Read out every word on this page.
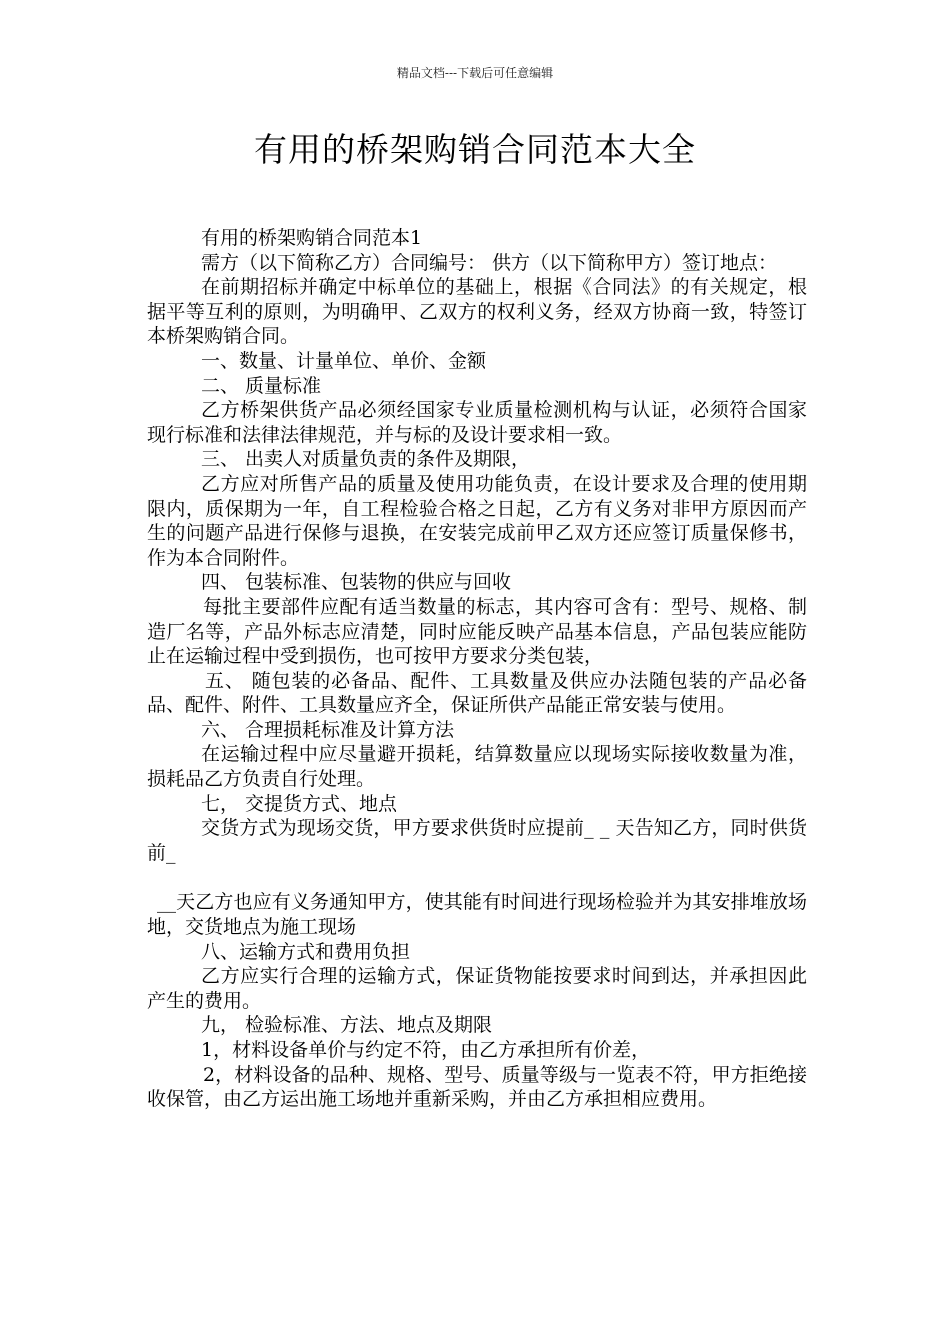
精品文档---下载后可任意编辑
有用的桥架购销合同范本大全

有用的桥架购销合同范本1

需方（以下简称乙方）合同编号： 供方（以下简称甲方）签订地点：

在前期招标并确定中标单位的基础上，根据《合同法》的有关规定，根据平等互利的原则，为明确甲、乙双方的权利义务，经双方协商一致，特签订本桥架购销合同。

一、数量、计量单位、单价、金额

二、 质量标准

乙方桥架供货产品必须经国家专业质量检测机构与认证，必须符合国家现行标准和法律法律规范，并与标的及设计要求相一致。

三、 出卖人对质量负责的条件及期限，

乙方应对所售产品的质量及使用功能负责，在设计要求及合理的使用期限内，质保期为一年，自工程检验合格之日起，乙方有义务对非甲方原因而产生的问题产品进行保修与退换，在安装完成前甲乙双方还应签订质量保修书，作为本合同附件。

四、 包装标准、包装物的供应与回收

每批主要部件应配有适当数量的标志，其内容可含有：型号、规格、制造厂名等，产品外标志应清楚，同时应能反映产品基本信息，产品包装应能防止在运输过程中受到损伤，也可按甲方要求分类包装，

五、 随包装的必备品、配件、工具数量及供应办法随包装的产品必备品、配件、附件、工具数量应齐全，保证所供产品能正常安装与使用。

六、 合理损耗标准及计算方法

在运输过程中应尽量避开损耗，结算数量应以现场实际接收数量为准，损耗品乙方负责自行处理。

七， 交提货方式、地点

交货方式为现场交货，甲方要求供货时应提前_ _ 天告知乙方，同时供货前_

__天乙方也应有义务通知甲方，使其能有时间进行现场检验并为其安排堆放场地，交货地点为施工现场

八、运输方式和费用负担

乙方应实行合理的运输方式，保证货物能按要求时间到达，并承担因此产生的费用。

九， 检验标准、方法、地点及期限

1，材料设备单价与约定不符，由乙方承担所有价差，

2，材料设备的品种、规格、型号、质量等级与一览表不符，甲方拒绝接收保管，由乙方运出施工场地并重新采购，并由乙方承担相应费用。
